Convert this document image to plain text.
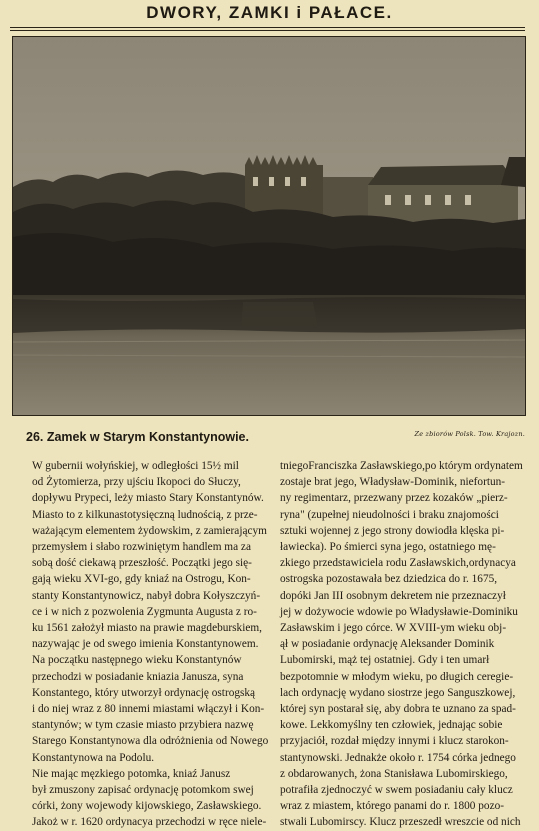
DWORY, ZAMKI i PAŁACE.
26. Zamek w Starym Konstantynowie.	Ze zbiorów Polsk. Tow. Krajozn.

W gubernii wołyńskiej, w odległości 15½ mil
od Żytomierza, przy ujściu Ikopoci do Słuczy,
dopływu Prypeci, leży miasto Stary Konstantynów.
Miasto to z kilkunastotysięczną ludnością, z prze-
ważającym elementem żydowskim, z zamierającym
przemysłem i słabo rozwiniętym handlem ma za
sobą dość ciekawą przeszłość. Początki jego się-
gają wieku XVI-go, gdy kniaź na Ostrogu, Kon-
stanty Konstantynowicz, nabył dobra Kołyszczyń-
ce i w nich z pozwolenia Zygmunta Augusta z ro-
ku 1561 założył miasto na prawie magdeburskiem,
nazywając je od swego imienia Konstantynowem.
Na początku następnego wieku Konstantynów
przechodzi w posiadanie kniazia Janusza, syna
Konstantego, który utworzył ordynację ostrogską
i do niej wraz z 80 innemi miastami włączył i Kon-
stantynów; w tym czasie miasto przybiera nazwę
Starego Konstantynowa dla odróżnienia od Nowego
Konstantynowa na Podolu.

Nie mając męzkiego potomka, kniaź Janusz
był zmuszony zapisać ordynację potomkom swej
córki, żony wojewody kijowskiego, Zasławskiego.
Jakoż w r. 1620 ordynacya przechodzi w ręce niele-

tniegoFranciszka Zasławskiego,po którym ordynatem
zostaje brat jego, Władysław-Dominik, niefortun-
ny regimentarz, przezwany przez kozaków „pierz-
ryna" (zupełnej nieudolności i braku znajomości
sztuki wojennej z jego strony dowiodła klęska pi-
ławiecka). Po śmierci syna jego, ostatniego mę-
zkiego przedstawiciela rodu Zasławskich,ordynacya
ostrogska pozostawała bez dziedzica do r. 1675,
dopóki Jan III osobnym dekretem nie przeznaczył
jej w dożywocie wdowie po Władysławie-Dominiku
Zasławskim i jego córce. W XVIII-ym wieku obj-
ął w posiadanie ordynację Aleksander Dominik
Lubomirski, mąż tej ostatniej. Gdy i ten umarł
bezpotomnie w młodym wieku, po długich ceregie-
lach ordynację wydano siostrze jego Sanguszkowej,
której syn postarał się, aby dobra te uznano za spad-
kowe. Lekkomyślny ten człowiek, jednając sobie
przyjaciół, rozdał między innymi i klucz starokon-
stantynowski. Jednakże około r. 1754 córka jednego
z obdarowanych, żona Stanisława Lubomirskiego,
potrafiła zjednoczyć w swem posiadaniu cały klucz
wraz z miastem, którego panami do r. 1800 pozo-
stwali Lubomirscy. Klucz przeszedł wreszcie od nich
